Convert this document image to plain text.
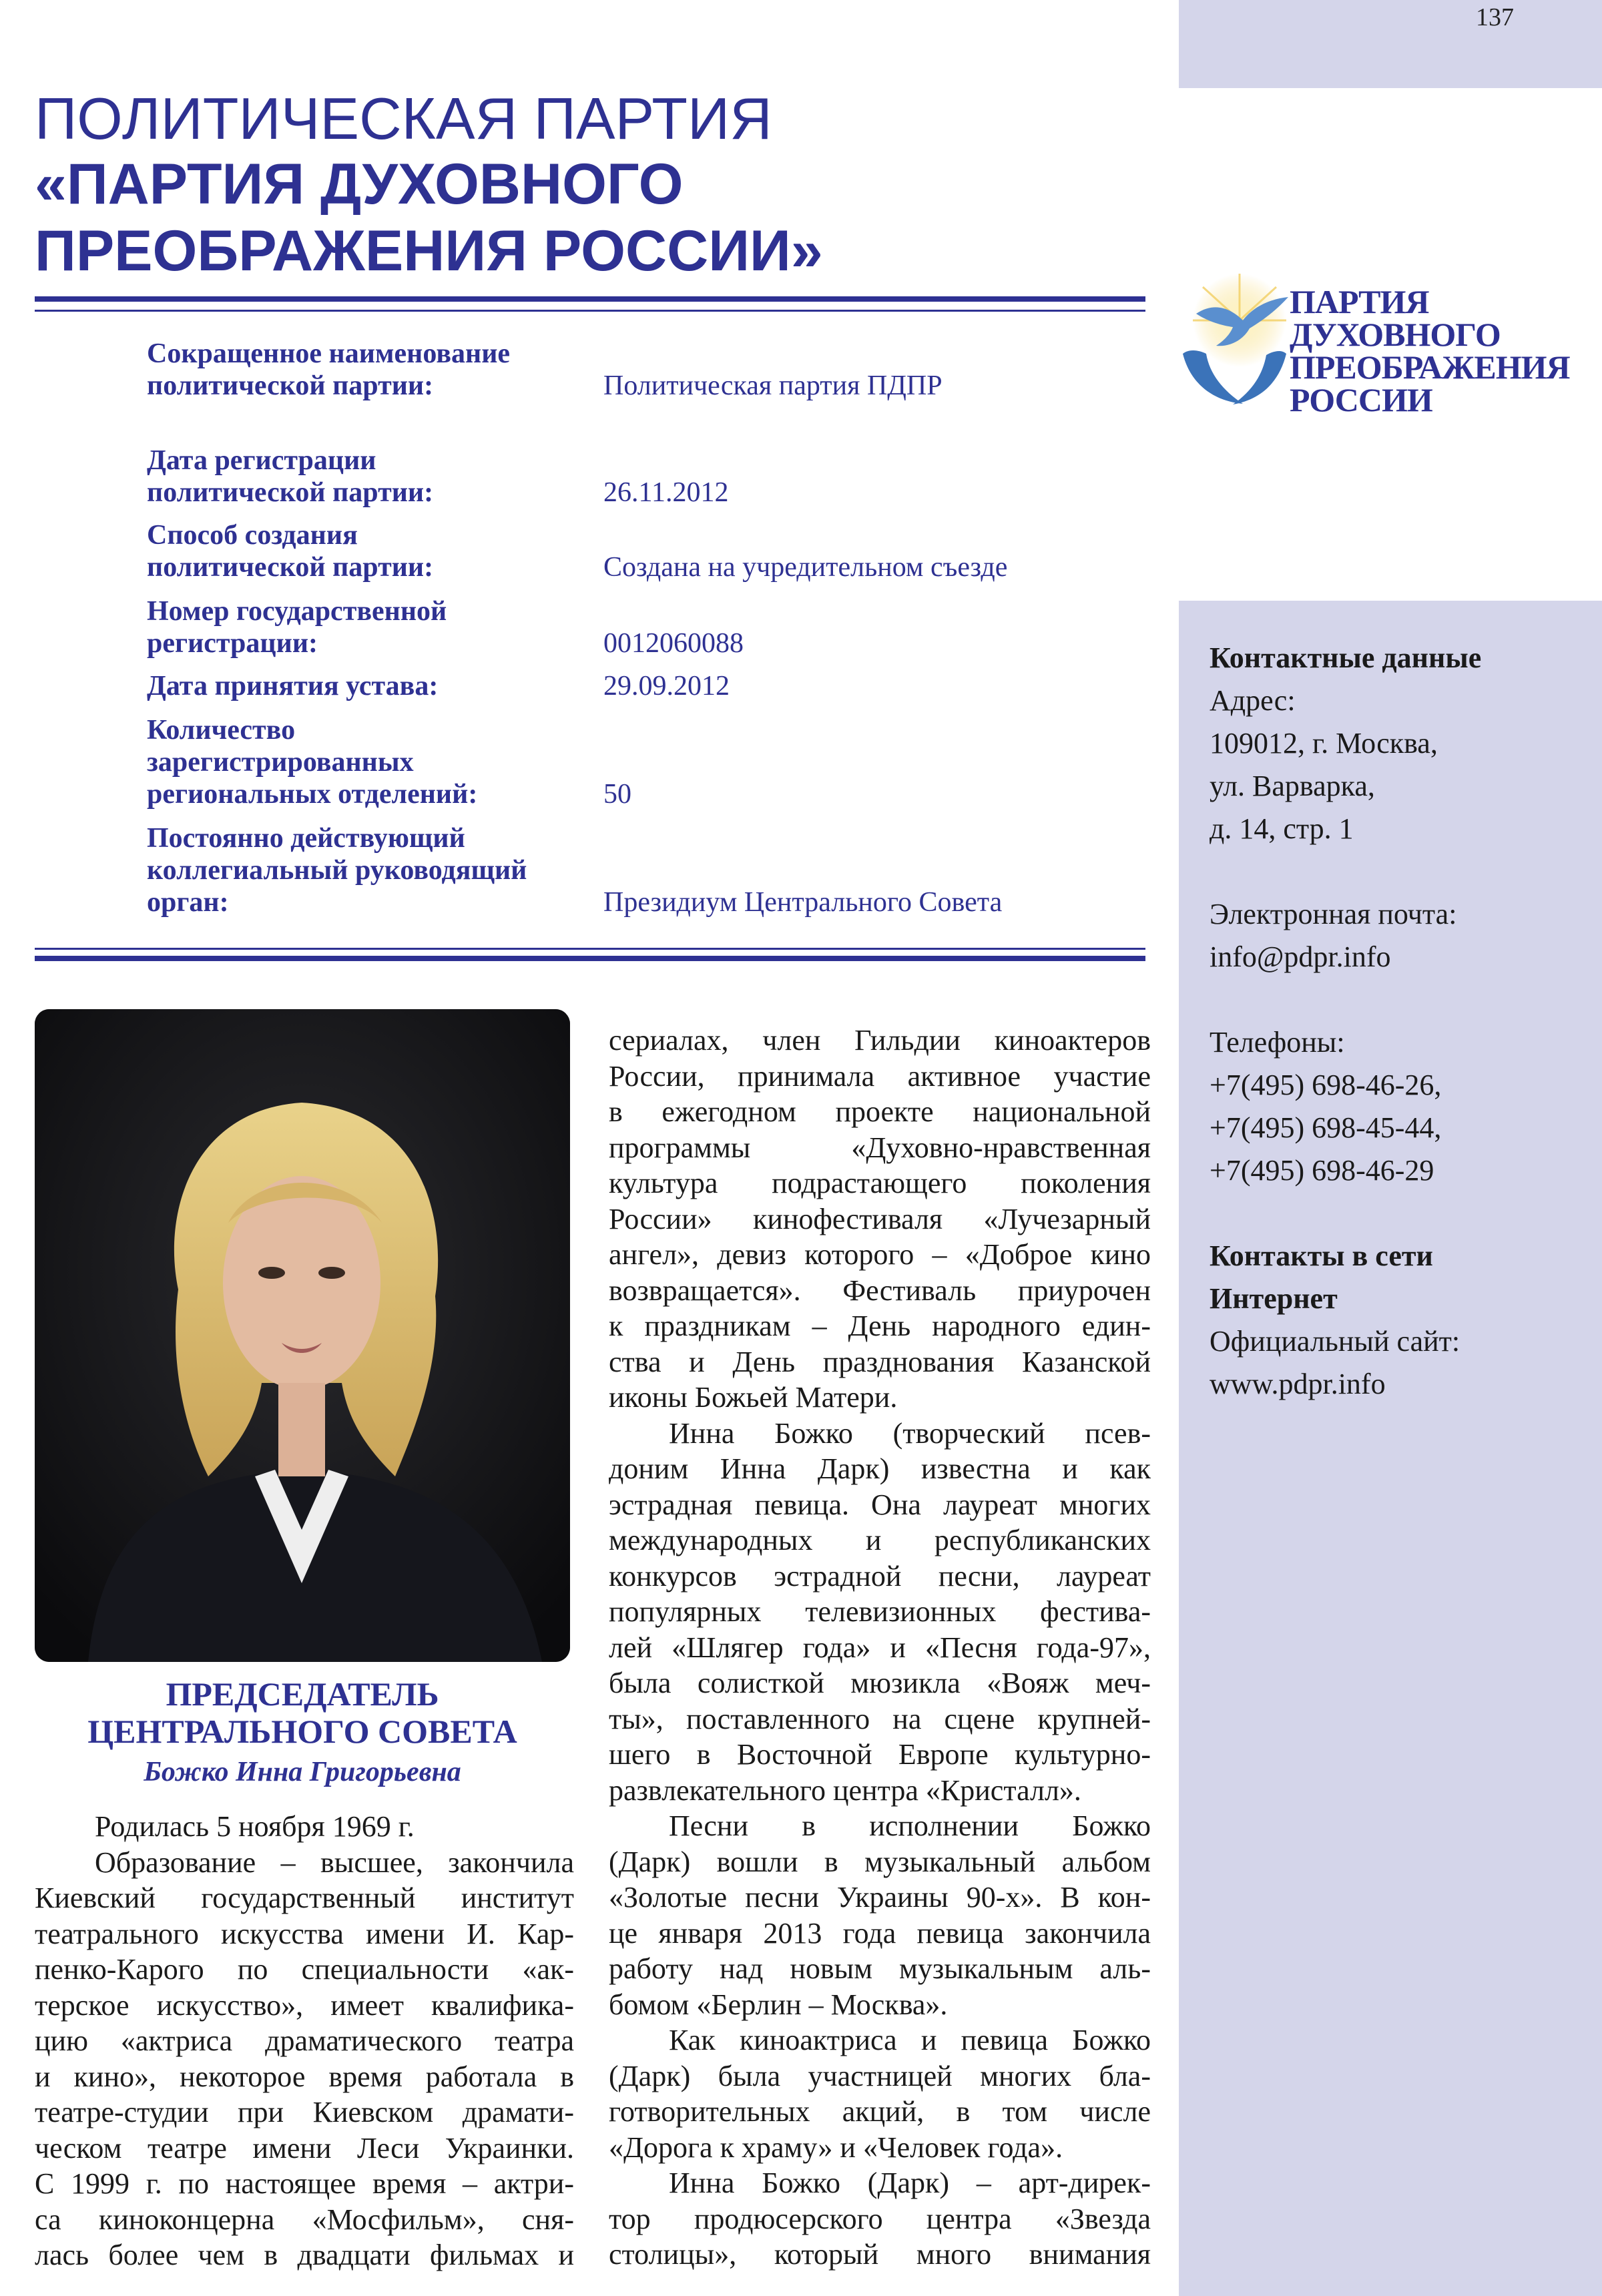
137
ПОЛИТИЧЕСКАЯ ПАРТИЯ
«ПАРТИЯ ДУХОВНОГО
ПРЕОБРАЖЕНИЯ РОССИИ»
ПАРТИЯ
ДУХОВНОГО
ПРЕОБРАЖЕНИЯ
РОССИИ
Сокращенное наименование
политической партии:	Политическая партия ПДПР
Дата регистрации
политической партии:	26.11.2012
Способ создания
политической партии:	Создана на учредительном съезде
Номер государственной
регистрации:	0012060088
Дата принятия устава:	29.09.2012
Количество
зарегистрированных
региональных отделений:	50
Постоянно действующий
коллегиальный руководящий
орган:	Президиум Центрального Совета
ПРЕДСЕДАТЕЛЬ
ЦЕНТРАЛЬНОГО СОВЕТА
Божко Инна Григорьевна
Родилась 5 ноября 1969 г.
Образование – высшее, закончила
Киевский государственный институт
театрального искусства имени И. Кар-
пенко-Карого по специальности «ак-
терское искусство», имеет квалифика-
цию «актриса драматического театра
и кино», некоторое время работала в
театре-студии при Киевском драмати-
ческом театре имени Леси Украинки.
С 1999 г. по настоящее время – актри-
са киноконцерна «Мосфильм», сня-
лась более чем в двадцати фильмах и
сериалах, член Гильдии киноактеров
России, принимала активное участие
в ежегодном проекте национальной
программы «Духовно-нравственная
культура подрастающего поколения
России» кинофестиваля «Лучезарный
ангел», девиз которого – «Доброе кино
возвращается». Фестиваль приурочен
к праздникам – День народного един-
ства и День празднования Казанской
иконы Божьей Матери.
Инна Божко (творческий псев-
доним Инна Дарк) известна и как
эстрадная певица. Она лауреат многих
международных и республиканских
конкурсов эстрадной песни, лауреат
популярных телевизионных фестива-
лей «Шлягер года» и «Песня года-97»,
была солисткой мюзикла «Вояж меч-
ты», поставленного на сцене крупней-
шего в Восточной Европе культурно-
развлекательного центра «Кристалл».
Песни в исполнении Божко
(Дарк) вошли в музыкальный альбом
«Золотые песни Украины 90-х». В кон-
це января 2013 года певица закончила
работу над новым музыкальным аль-
бомом «Берлин – Москва».
Как киноактриса и певица Божко
(Дарк) была участницей многих бла-
готворительных акций, в том числе
«Дорога к храму» и «Человек года».
Инна Божко (Дарк) – арт-дирек-
тор продюсерского центра «Звезда
столицы», который много внимания
Контактные данные
Адрес:
109012, г. Москва,
ул. Варварка,
д. 14, стр. 1
Электронная почта:
info@pdpr.info
Телефоны:
+7(495) 698-46-26,
+7(495) 698-45-44,
+7(495) 698-46-29
Контакты в сети
Интернет
Официальный сайт:
www.pdpr.info
